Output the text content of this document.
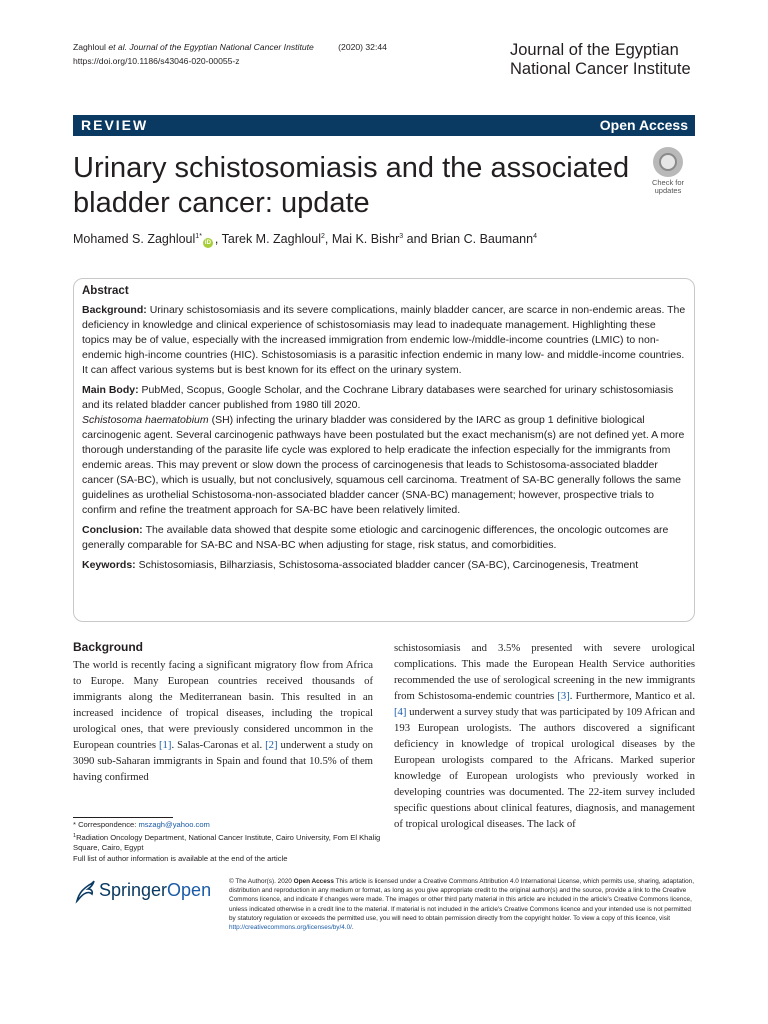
Zaghloul et al. Journal of the Egyptian National Cancer Institute	(2020) 32:44
https://doi.org/10.1186/s43046-020-00055-z
Journal of the Egyptian
National Cancer Institute
REVIEW	Open Access
Urinary schistosomiasis and the associated
bladder cancer: update
Check for
updates
Mohamed S. Zaghloul$^{1*}$iD , Tarek M. Zaghloul$^2$, Mai K. Bishr$^3$ and Brian C. Baumann$^4$
Abstract

Background: Urinary schistosomiasis and its severe complications, mainly bladder cancer, are scarce in non-endemic areas. The deficiency in knowledge and clinical experience of schistosomiasis may lead to inadequate management. Highlighting these topics may be of value, especially with the increased immigration from endemic low-/middle-income countries (LMIC) to non-endemic high-income countries (HIC). Schistosomiasis is a parasitic infection endemic in many low- and middle-income countries. It can affect various systems but is best known for its effect on the urinary system.

Main Body: PubMed, Scopus, Google Scholar, and the Cochrane Library databases were searched for urinary schistosomiasis and its related bladder cancer published from 1980 till 2020.
Schistosoma haematobium (SH) infecting the urinary bladder was considered by the IARC as group 1 definitive biological carcinogenic agent. Several carcinogenic pathways have been postulated but the exact mechanism(s) are not defined yet. A more thorough understanding of the parasite life cycle was explored to help eradicate the infection especially for the immigrants from endemic areas. This may prevent or slow down the process of carcinogenesis that leads to Schistosoma-associated bladder cancer (SA-BC), which is usually, but not conclusively, squamous cell carcinoma. Treatment of SA-BC generally follows the same guidelines as urothelial Schistosoma-non-associated bladder cancer (SNA-BC) management; however, prospective trials to confirm and refine the treatment approach for SA-BC have been relatively limited.

Conclusion: The available data showed that despite some etiologic and carcinogenic differences, the oncologic outcomes are generally comparable for SA-BC and NSA-BC when adjusting for stage, risk status, and comorbidities.

Keywords: Schistosomiasis, Bilharziasis, Schistosoma-associated bladder cancer (SA-BC), Carcinogenesis, Treatment

Background
The world is recently facing a significant migratory flow from Africa to Europe. Many European countries received thousands of immigrants along the Mediterranean basin. This resulted in an increased incidence of tropical diseases, including the tropical urological ones, that were previously considered uncommon in the European countries [1]. Salas-Caronas et al. [2] underwent a study on 3090 sub-Saharan immigrants in Spain and found that 10.5% of them having confirmed
schistosomiasis and 3.5% presented with severe urological complications. This made the European Health Service authorities recommended the use of serological screening in the new immigrants from Schistosoma-endemic countries [3]. Furthermore, Mantico et al. [4] underwent a survey study that was participated by 109 African and 193 European urologists. The authors discovered a significant deficiency in knowledge of tropical urological diseases by the European urologists compared to the Africans. Marked superior knowledge of European urologists who previously worked in developing countries was documented. The 22-item survey included specific questions about clinical features, diagnosis, and management of tropical urological diseases. The lack of
* Correspondence: mszagh@yahoo.com
$^1$Radiation Oncology Department, National Cancer Institute, Cairo University, Fom El Khalig Square, Cairo, Egypt
Full list of author information is available at the end of the article
SpringerOpen	© The Author(s). 2020 Open Access This article is licensed under a Creative Commons Attribution 4.0 International License, which permits use, sharing, adaptation, distribution and reproduction in any medium or format, as long as you give appropriate credit to the original author(s) and the source, provide a link to the Creative Commons licence, and indicate if changes were made. The images or other third party material in this article are included in the article's Creative Commons licence, unless indicated otherwise in a credit line to the material. If material is not included in the article's Creative Commons licence and your intended use is not permitted by statutory regulation or exceeds the permitted use, you will need to obtain permission directly from the copyright holder. To view a copy of this licence, visit http://creativecommons.org/licenses/by/4.0/.
